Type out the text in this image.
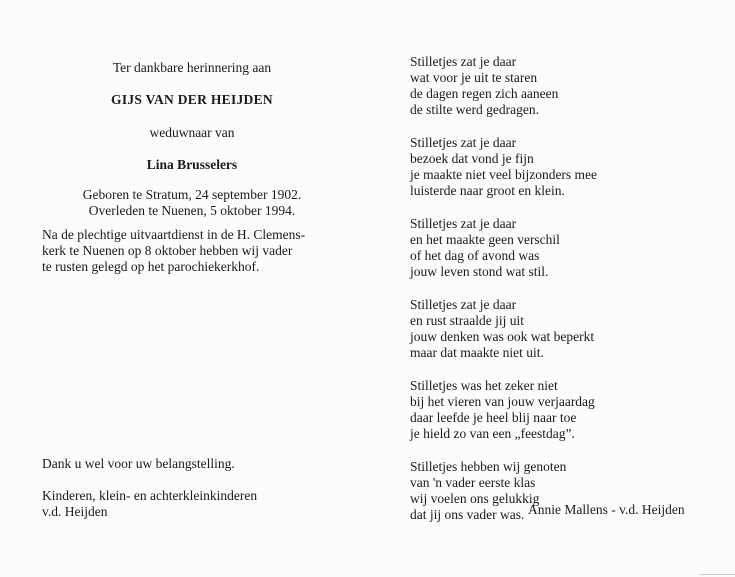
Ter dankbare herinnering aan

GIJS VAN DER HEIJDEN

weduwnaar van

Lina Brusselers

Geboren te Stratum, 24 september 1902.
Overleden te Nuenen, 5 oktober 1994.
Na de plechtige uitvaartdienst in de H. Clemens-
kerk te Nuenen op 8 oktober hebben wij vader
te rusten gelegd op het parochiekerkhof.
Dank u wel voor uw belangstelling.
Kinderen, klein- en achterkleinkinderen
v.d. Heijden
Stilletjes zat je daar
wat voor je uit te staren
de dagen regen zich aaneen
de stilte werd gedragen.
Stilletjes zat je daar
bezoek dat vond je fijn
je maakte niet veel bijzonders mee
luisterde naar groot en klein.
Stilletjes zat je daar
en het maakte geen verschil
of het dag of avond was
jouw leven stond wat stil.
Stilletjes zat je daar
en rust straalde jij uit
jouw denken was ook wat beperkt
maar dat maakte niet uit.
Stilletjes was het zeker niet
bij het vieren van jouw verjaardag
daar leefde je heel blij naar toe
je hield zo van een „feestdag”.
Stilletjes hebben wij genoten
van 'n vader eerste klas
wij voelen ons gelukkig
dat jij ons vader was. Annie Mallens - v.d. Heijden
